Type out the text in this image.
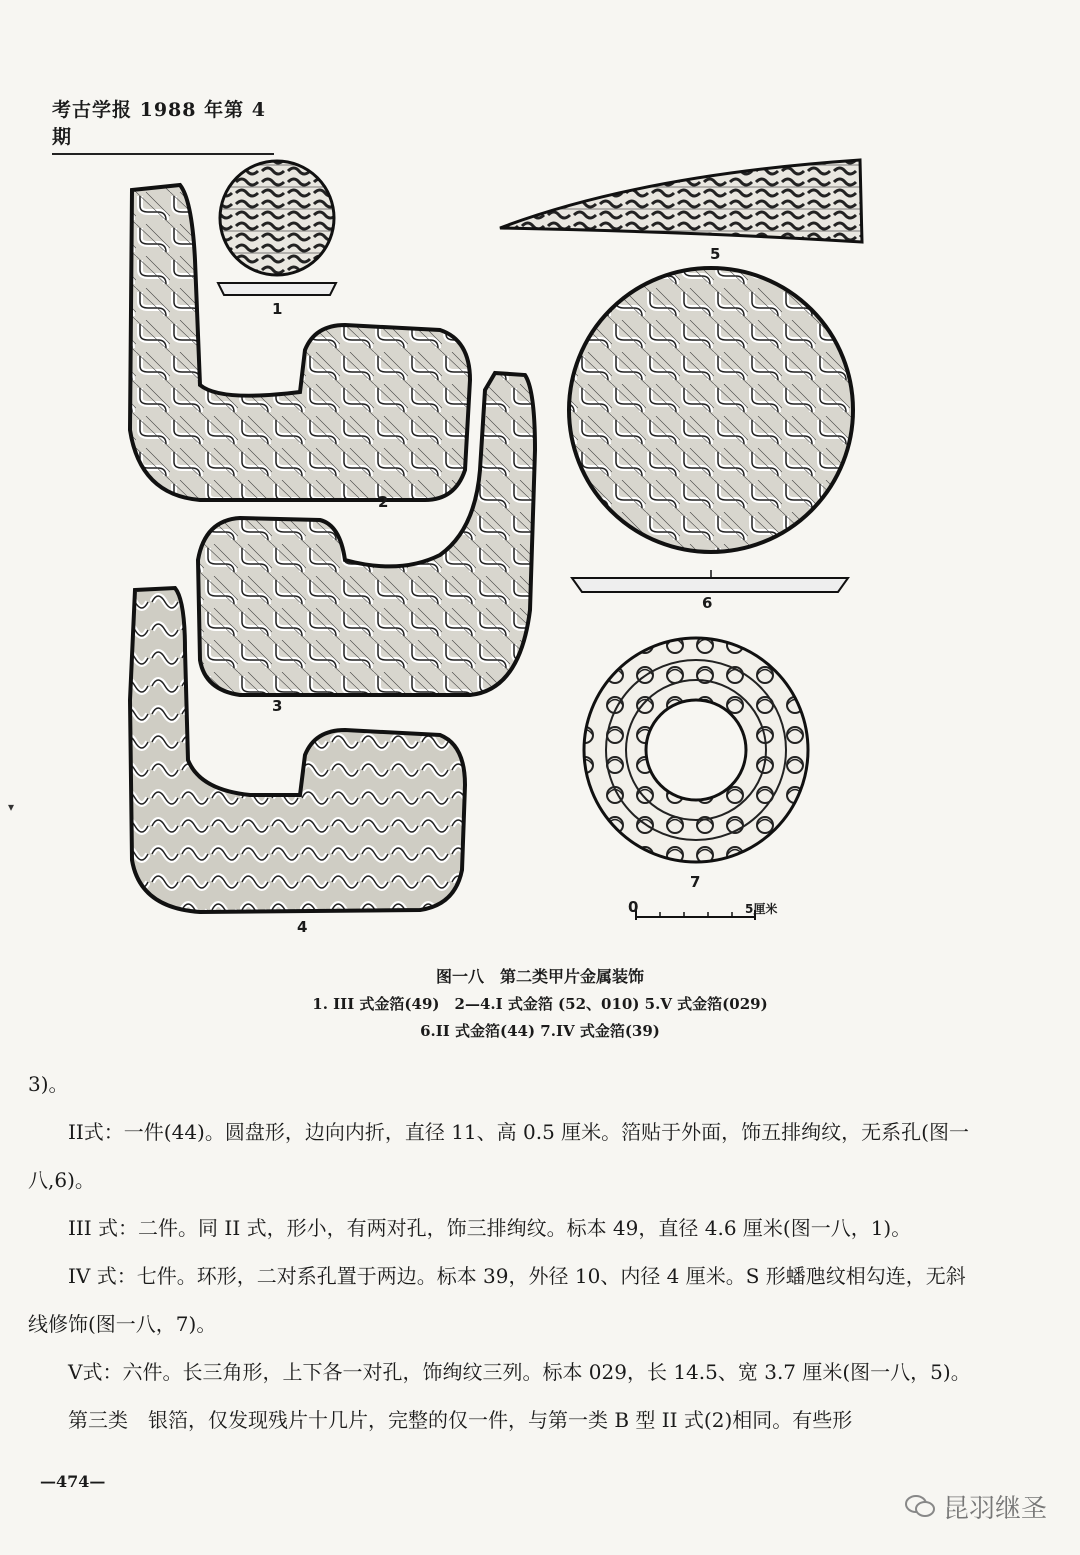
考古学报 1988 年第 4 期
▾
1
2
3
4
5
6
7
0	5厘米
图一八　第二类甲片金属装饰
1. III 式金箔(49)　2—4.I 式金箔 (52、010) 5.V 式金箔(029)
6.II 式金箔(44) 7.IV 式金箔(39)

3)。

　　II式：一件(44)。圆盘形，边向内折，直径 11、高 0.5 厘米。箔贴于外面，饰五排绚纹，无系孔(图一八,6)。

　　III 式：二件。同 II 式，形小，有两对孔，饰三排绚纹。标本 49，直径 4.6 厘米(图一八，1)。

　　IV 式：七件。环形，二对系孔置于两边。标本 39，外径 10、内径 4 厘米。S 形蟠虺纹相勾连，无斜线修饰(图一八，7)。

　　V式：六件。长三角形，上下各一对孔，饰绚纹三列。标本 029，长 14.5、宽 3.7 厘米(图一八，5)。

　　第三类　银箔，仅发现残片十几片，完整的仅一件，与第一类 B 型 II 式(2)相同。有些形

—474—
昆羽继圣
